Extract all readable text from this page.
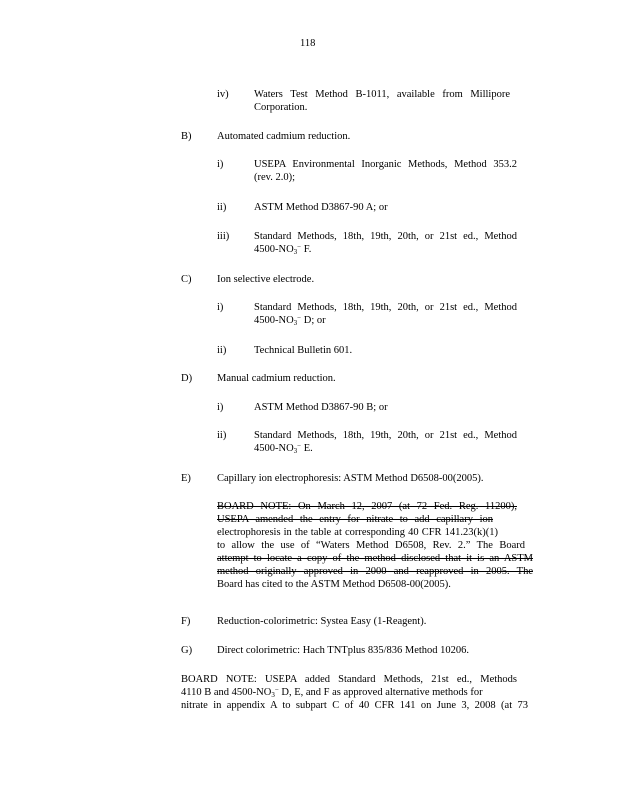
118
iv) Waters Test Method B-1011, available from Millipore
Corporation.
B) Automated cadmium reduction.
i)	USEPA Environmental Inorganic Methods, Method 353.2
(rev. 2.0);
ii)	ASTM Method D3867-90 A; or
iii) Standard Methods, 18th, 19th, 20th, or 21st ed., Method
$4500-NO_3^-$ F.
C) Ion selective electrode.
i)	Standard Methods, 18th, 19th, 20th, or 21st ed., Method
$4500-NO_3^-$ D; or
ii)	Technical Bulletin 601.
D) Manual cadmium reduction.
i)	ASTM Method D3867-90 B; or
ii)	Standard Methods, 18th, 19th, 20th, or 21st ed., Method
$4500-NO_3^-$ E.
E) Capillary ion electrophoresis: ASTM Method D6508-00(2005).
BOARD NOTE: On March 12, 2007 (at 72 Fed. Reg. 11200),
USEPA amended the entry for nitrate to add capillary ion
electrophoresis in the table at corresponding 40 CFR 141.23(k)(1)
to allow the use of “Waters Method D6508, Rev. 2.” The Board
attempt to locate a copy of the method disclosed that it is an ASTM
method originally approved in 2000 and reapproved in 2005. The
Board has cited to the ASTM Method D6508-00(2005).
F)	Reduction-colorimetric: Systea Easy (1-Reagent).
G) Direct colorimetric: Hach TNTplus 835/836 Method 10206.
BOARD NOTE: USEPA added Standard Methods, 21st ed., Methods
4110 B and $4500-NO_3^-$ D, E, and F as approved alternative methods for
nitrate in appendix A to subpart C of 40 CFR 141 on June 3, 2008 (at 73
